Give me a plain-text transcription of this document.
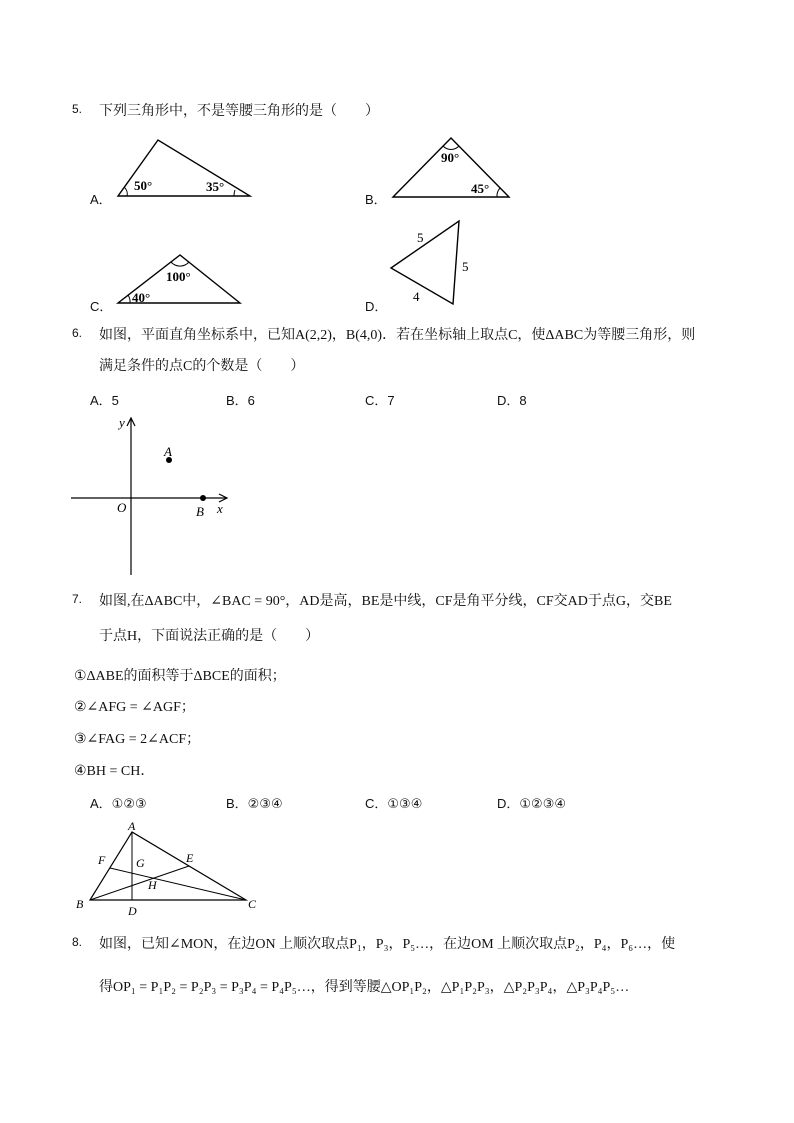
5. 下列三角形中，不是等腰三角形的是（　　）
A．
50°	35°
B．
90°
45°
C．
100°
40°
D．
5
5
4
6. 如图，平面直角坐标系中，已知A(2,2)，B(4,0)．若在坐标轴上取点C，使ΔABC为等腰三角形，则
满足条件的点C的个数是（　　）
A．5	B．6	C．7	D．8
y
x
O
A
B
7. 如图,在ΔABC中，∠BAC = 90°，AD是高，BE是中线，CF是角平分线，CF交AD于点G，交BE
于点H，下面说法正确的是（　　）
①ΔABE的面积等于ΔBCE的面积；
②∠AFG = ∠AGF；
③∠FAG = 2∠ACF；
④BH = CH．
A．①②③	B．②③④	C．①③④	D．①②③④
A
B	C
D
E
F	G
H
8. 如图，已知∠MON，在边ON 上顺次取点P₁，P₃，P₅…，在边OM 上顺次取点P₂，P₄，P₆…，使
得OP₁ = P₁P₂ = P₂P₃ = P₃P₄ = P₄P₅…，得到等腰△OP₁P₂，△P₁P₂P₃，△P₂P₃P₄，△P₃P₄P₅…
